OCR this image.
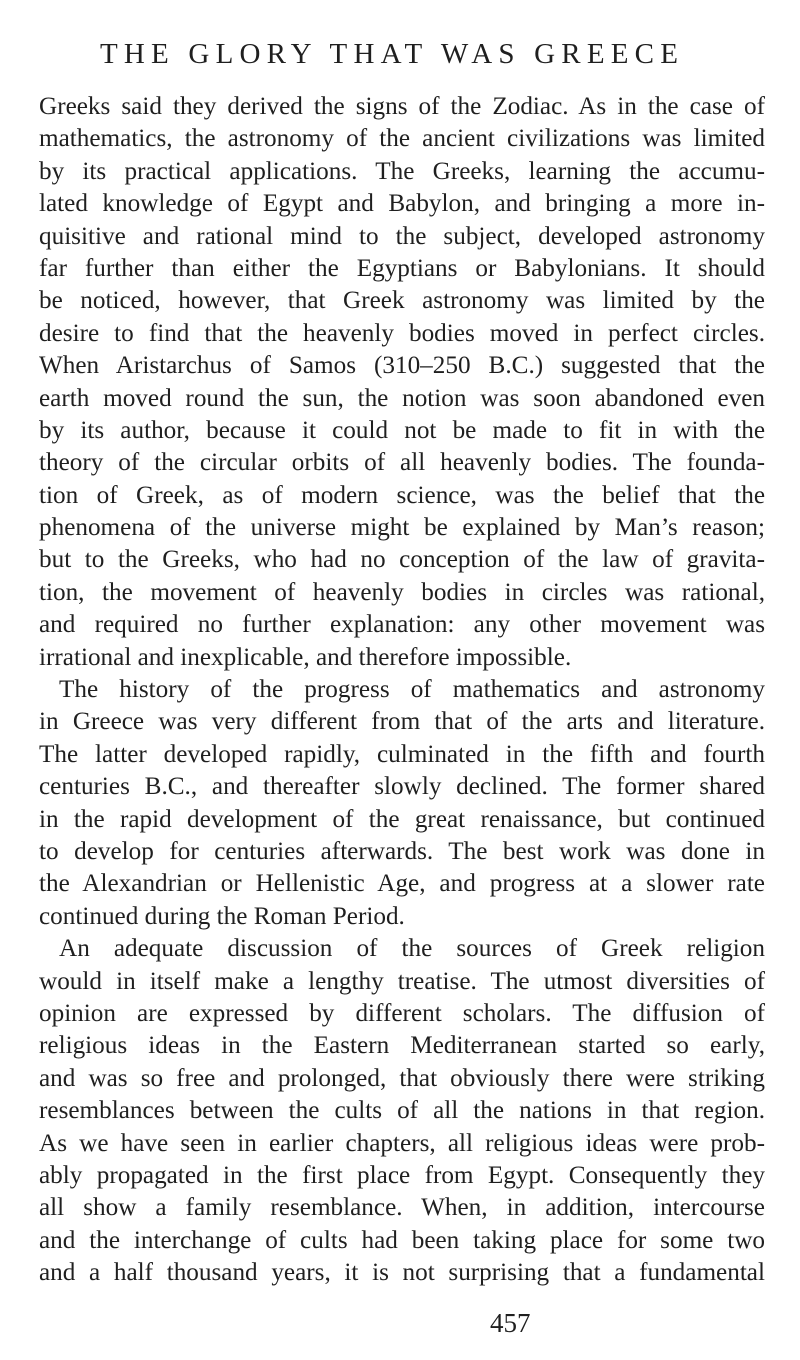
THE GLORY THAT WAS GREECE
Greeks said they derived the signs of the Zodiac. As in the case of
mathematics, the astronomy of the ancient civilizations was limited
by its practical applications. The Greeks, learning the accumu-
lated knowledge of Egypt and Babylon, and bringing a more in-
quisitive and rational mind to the subject, developed astronomy
far further than either the Egyptians or Babylonians. It should
be noticed, however, that Greek astronomy was limited by the
desire to find that the heavenly bodies moved in perfect circles.
When Aristarchus of Samos (310–250 B.C.) suggested that the
earth moved round the sun, the notion was soon abandoned even
by its author, because it could not be made to fit in with the
theory of the circular orbits of all heavenly bodies. The founda-
tion of Greek, as of modern science, was the belief that the
phenomena of the universe might be explained by Man’s reason;
but to the Greeks, who had no conception of the law of gravita-
tion, the movement of heavenly bodies in circles was rational,
and required no further explanation: any other movement was
irrational and inexplicable, and therefore impossible.
The history of the progress of mathematics and astronomy
in Greece was very different from that of the arts and literature.
The latter developed rapidly, culminated in the fifth and fourth
centuries B.C., and thereafter slowly declined. The former shared
in the rapid development of the great renaissance, but continued
to develop for centuries afterwards. The best work was done in
the Alexandrian or Hellenistic Age, and progress at a slower rate
continued during the Roman Period.
An adequate discussion of the sources of Greek religion
would in itself make a lengthy treatise. The utmost diversities of
opinion are expressed by different scholars. The diffusion of
religious ideas in the Eastern Mediterranean started so early,
and was so free and prolonged, that obviously there were striking
resemblances between the cults of all the nations in that region.
As we have seen in earlier chapters, all religious ideas were prob-
ably propagated in the first place from Egypt. Consequently they
all show a family resemblance. When, in addition, intercourse
and the interchange of cults had been taking place for some two
and a half thousand years, it is not surprising that a fundamental
457
